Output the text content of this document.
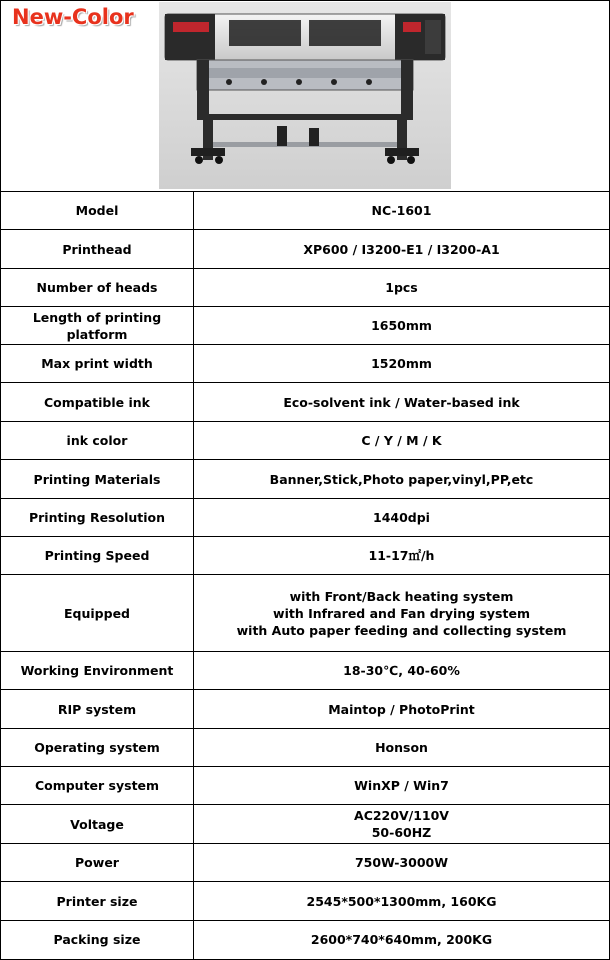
New-Color
Model	NC-1601

Printhead	XP600 / I3200-E1 / I3200-A1

Number of heads	1pcs

Length of printing platform	1650mm

Max print width	1520mm

Compatible ink	Eco-solvent ink / Water-based ink

ink color	C / Y / M / K

Printing Materials	Banner,Stick,Photo paper,vinyl,PP,etc

Printing Resolution	1440dpi

Printing Speed	11-17㎡/h

Equipped	with Front/Back heating system
with Infrared and Fan drying system
with Auto paper feeding and collecting system

Working Environment	18-30℃, 40-60%

RIP system	Maintop / PhotoPrint

Operating system	Honson

Computer system	WinXP / Win7

Voltage	AC220V/110V
50-60HZ

Power	750W-3000W

Printer size	2545*500*1300mm, 160KG

Packing size	2600*740*640mm, 200KG
